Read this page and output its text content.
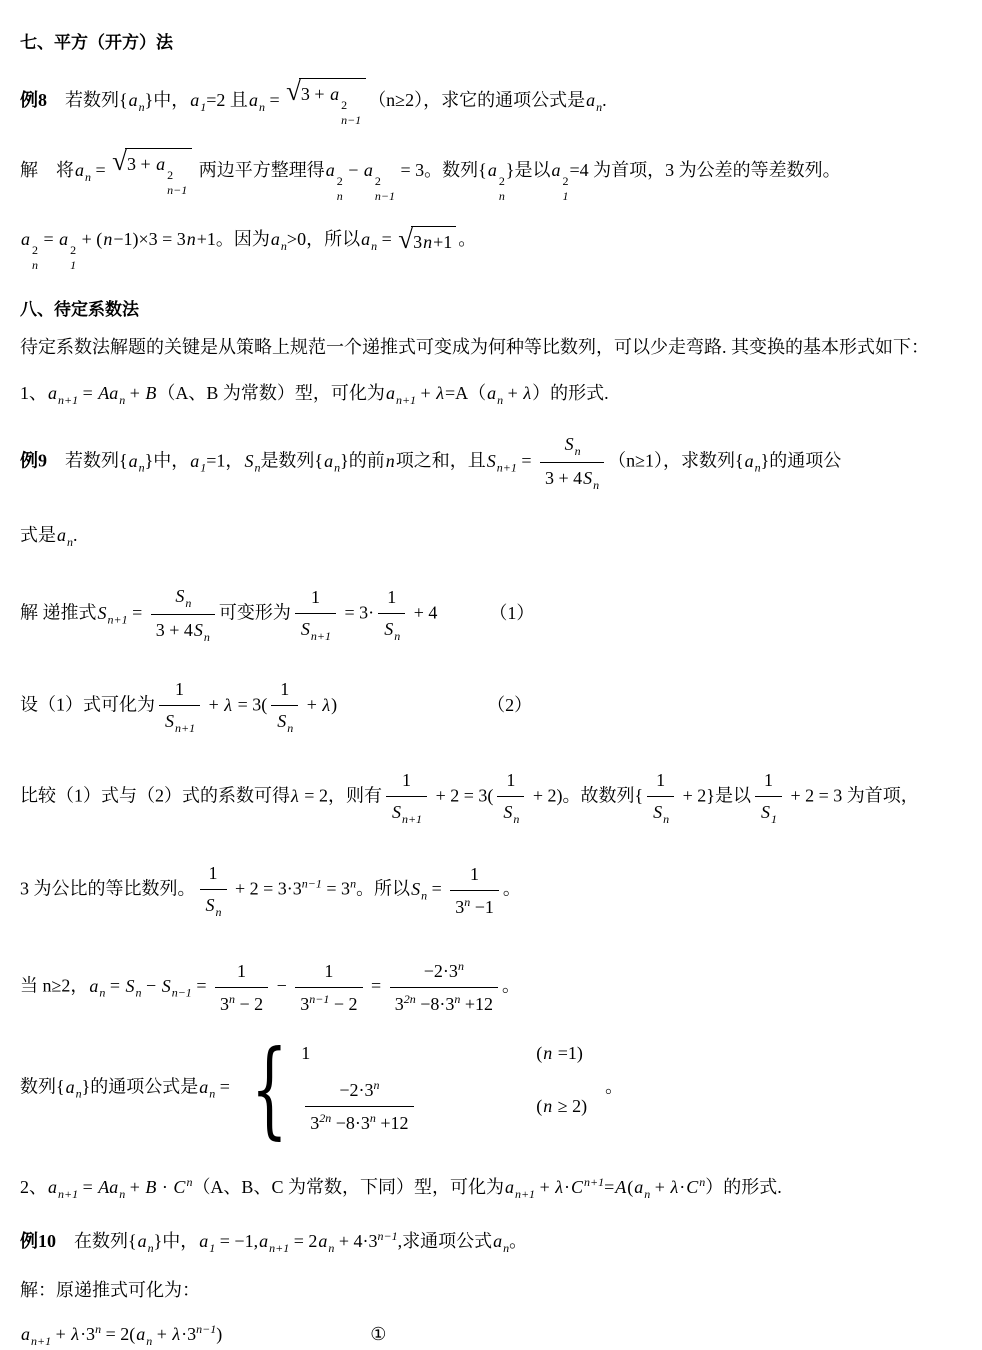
七、平方（开方）法
例8　若数列$\{a_n\}$中，$a_1=2$ 且$a_n$ = √ 3 + a
2
n−1
（n≥2），求它的通项公式是$a_n$.
解　将$a_n$ = √ 3 + a
2
n−1
两边平方整理得a
2
n
− a
2
n−1
= 3。数列{a
2
n
}是以a
2
1
=4 为首项，3 为公差的等差数列。
a
2
n
= a
2
1
+ (n−1)×3 = 3n+1。因为$a_n>0$，所以$a_n$ = √ 3n+1 。
八、待定系数法
待定系数法解题的关键是从策略上规范一个递推式可变成为何种等比数列，可以少走弯路. 其变换的基本形式如下：
1、$a_{n+1} = Aa_n + B(A$、B 为常数）型，可化为$a_{n+1} + \lambda=A(a_n + \lambda)$的形式.
例9　若数列$\{a_n\}$中，$a_1=1$，$S_n$是数列$\{a_n\}$的前n项之和，且$S_{n+1} = \frac{S_n}{3 + 4S_n} (n\ge 1)$，求数列$\{a_n\}$的通项公
式是$a_n$.
解 递推式$S_{n+1} = \frac{S_n}{3 + 4S_n}$ 可变形为 $\frac{1}{S_{n+1}} = 3\cdot \frac{1}{S_n} + 4$	（1）
设（1）式可化为 $\frac{1}{S_{n+1}} + \lambda = 3( \frac{1}{S_n} + \lambda)$	（2）
比较（1）式与（2）式的系数可得λ = 2，则有 $\frac{1}{S_{n+1}} + 2 = 3( \frac{1}{S_n} + 2)$。故数列{ $\frac{1}{S_n} + 2$}是以 $\frac{1}{S_1} + 2 = 3$ 为首项，
3 为公比的等比数列。 $\frac{1}{S_n} + 2 = 3\cdot 3^{n-1} = 3^n$。所以$S_n = \frac{1}{3^n -1}$ 。
当 n≥2，$a_n = S_n - S_{n-1} = \frac{1}{3^n - 2} - \frac{1}{3^{n-1} - 2} = \frac{-2\cdot 3^n}{3^{2n} -8\cdot 3^n +12}$ 。
数列$\{a_n\}$的通项公式是$a_n$ = { 1	(n =1)
$\frac{-2\cdot 3^n}{3^{2n} -8\cdot 3^n +12}$	(n ≥ 2)
　。
2、$a_{n+1} = Aa_n + B \cdot C^n(A$、B、C 为常数，下同）型，可化为$a_{n+1} + \lambda\cdot C^{n+1}=A(a_n + \lambda\cdot C^n)$的形式.
例10　在数列$\{a_n\}$中，$a_1 = -1,a_{n+1} = 2a_n + 4\cdot 3^{n-1}$,求通项公式$a_n$。
解：原递推式可化为：
$a_{n+1} + \lambda\cdot 3^n = 2(a_n + \lambda\cdot 3^{n-1})$	①
